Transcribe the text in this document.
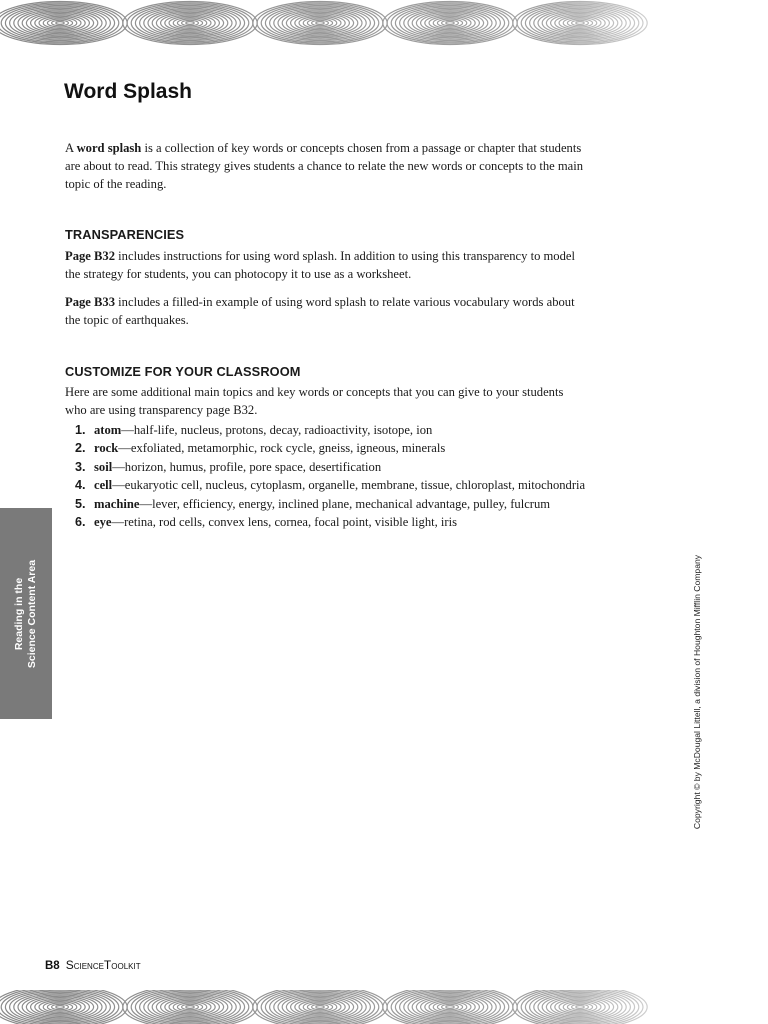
Word Splash

A word splash is a collection of key words or concepts chosen from a passage or chapter that students are about to read. This strategy gives students a chance to relate the new words or concepts to the main topic of the reading.

TRANSPARENCIES

Page B32 includes instructions for using word splash. In addition to using this transparency to model the strategy for students, you can photocopy it to use as a worksheet.

Page B33 includes a filled-in example of using word splash to relate various vocabulary words about the topic of earthquakes.

CUSTOMIZE FOR YOUR CLASSROOM

Here are some additional main topics and key words or concepts that you can give to your students who are using transparency page B32.

1. atom—half-life, nucleus, protons, decay, radioactivity, isotope, ion
2. rock—exfoliated, metamorphic, rock cycle, gneiss, igneous, minerals
3. soil—horizon, humus, profile, pore space, desertification
4. cell—eukaryotic cell, nucleus, cytoplasm, organelle, membrane, tissue, chloroplast, mitochondria
5. machine—lever, efficiency, energy, inclined plane, mechanical advantage, pulley, fulcrum
6. eye—retina, rod cells, convex lens, cornea, focal point, visible light, iris
Reading in the Science Content Area	Copyright © by McDougal Littell, a division of Houghton Mifflin Company
B8 ScienceToolkit
